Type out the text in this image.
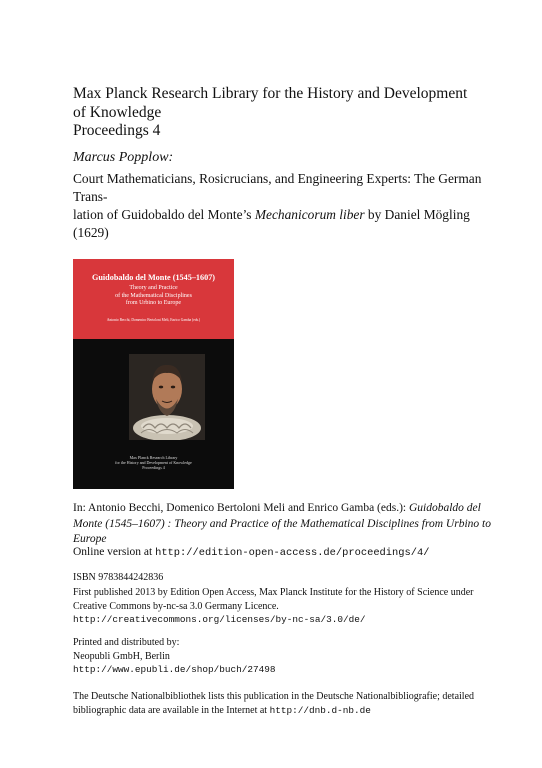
Max Planck Research Library for the History and Development
of Knowledge
Proceedings 4
Marcus Popplow:
Court Mathematicians, Rosicrucians, and Engineering Experts: The German Trans-
lation of Guidobaldo del Monte’s Mechanicorum liber by Daniel Mögling (1629)
Guidobaldo del Monte (1545–1607)
Theory and Practice
of the Mathematical Disciplines
from Urbino to Europe
Antonio Becchi, Domenico Bertoloni Meli, Enrico Gamba (eds.)
Max Planck Research Library
for the History and Development of Knowledge
Proceedings 4
In: Antonio Becchi, Domenico Bertoloni Meli and Enrico Gamba (eds.): Guidobaldo del Monte (1545–1607) : Theory and Practice of the Mathematical Disciplines from Urbino to Europe
Online version at http://edition-open-access.de/proceedings/4/
ISBN 9783844242836
First published 2013 by Edition Open Access, Max Planck Institute for the History of Science under Creative Commons by-nc-sa 3.0 Germany Licence.
http://creativecommons.org/licenses/by-nc-sa/3.0/de/
Printed and distributed by:
Neopubli GmbH, Berlin
http://www.epubli.de/shop/buch/27498
The Deutsche Nationalbibliothek lists this publication in the Deutsche Nationalbibliografie; detailed bibliographic data are available in the Internet at http://dnb.d-nb.de
